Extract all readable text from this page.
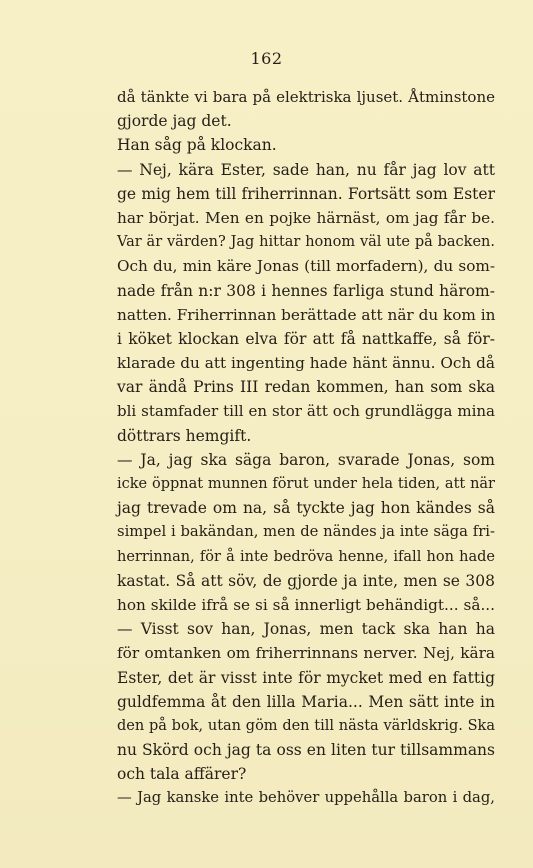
162
då tänkte vi bara på elektriska ljuset. Åtminstone
gjorde jag det.
Han såg på klockan.
— Nej, kära Ester, sade han, nu får jag lov att
ge mig hem till friherrinnan. Fortsätt som Ester
har börjat. Men en pojke härnäst, om jag får be.
Var är värden? Jag hittar honom väl ute på backen.
Och du, min käre Jonas (till morfadern), du som-
nade från n:r 308 i hennes farliga stund härom-
natten. Friherrinnan berättade att när du kom in
i köket klockan elva för att få nattkaffe, så för-
klarade du att ingenting hade hänt ännu. Och då
var ändå Prins III redan kommen, han som ska
bli stamfader till en stor ätt och grundlägga mina
döttrars hemgift.
— Ja, jag ska säga baron, svarade Jonas, som
icke öppnat munnen förut under hela tiden, att när
jag trevade om na, så tyckte jag hon kändes så
simpel i bakändan, men de nändes ja inte säga fri-
herrinnan, för å inte bedröva henne, ifall hon hade
kastat. Så att söv, de gjorde ja inte, men se 308
hon skilde ifrå se si så innerligt behändigt... så...
— Visst sov han, Jonas, men tack ska han ha
för omtanken om friherrinnans nerver. Nej, kära
Ester, det är visst inte för mycket med en fattig
guldfemma åt den lilla Maria... Men sätt inte in
den på bok, utan göm den till nästa världskrig. Ska
nu Skörd och jag ta oss en liten tur tillsammans
och tala affärer?
— Jag kanske inte behöver uppehålla baron i dag,
